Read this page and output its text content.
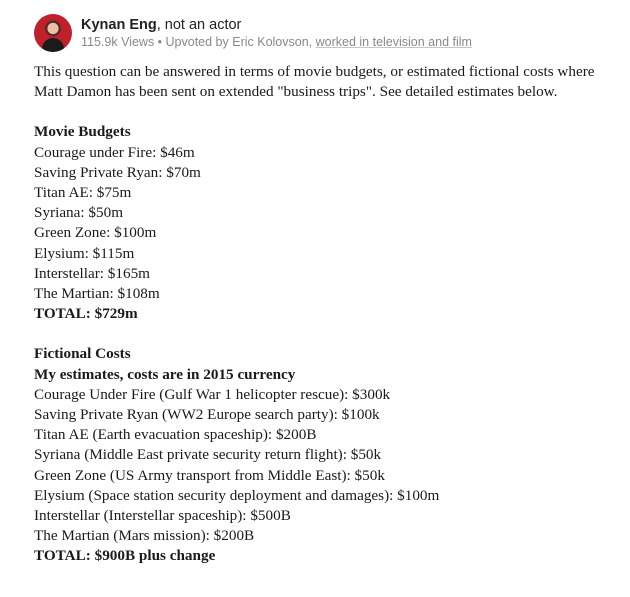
Kynan Eng, not an actor
115.9k Views • Upvoted by Eric Kolovson, worked in television and film

This question can be answered in terms of movie budgets, or estimated fictional costs where Matt Damon has been sent on extended "business trips". See detailed estimates below.

Movie Budgets
Courage under Fire: $46m
Saving Private Ryan: $70m
Titan AE: $75m
Syriana: $50m
Green Zone: $100m
Elysium: $115m
Interstellar: $165m
The Martian: $108m
TOTAL: $729m
Fictional Costs
My estimates, costs are in 2015 currency
Courage Under Fire (Gulf War 1 helicopter rescue): $300k
Saving Private Ryan (WW2 Europe search party): $100k
Titan AE (Earth evacuation spaceship): $200B
Syriana (Middle East private security return flight): $50k
Green Zone (US Army transport from Middle East): $50k
Elysium (Space station security deployment and damages): $100m
Interstellar (Interstellar spaceship): $500B
The Martian (Mars mission): $200B
TOTAL: $900B plus change
